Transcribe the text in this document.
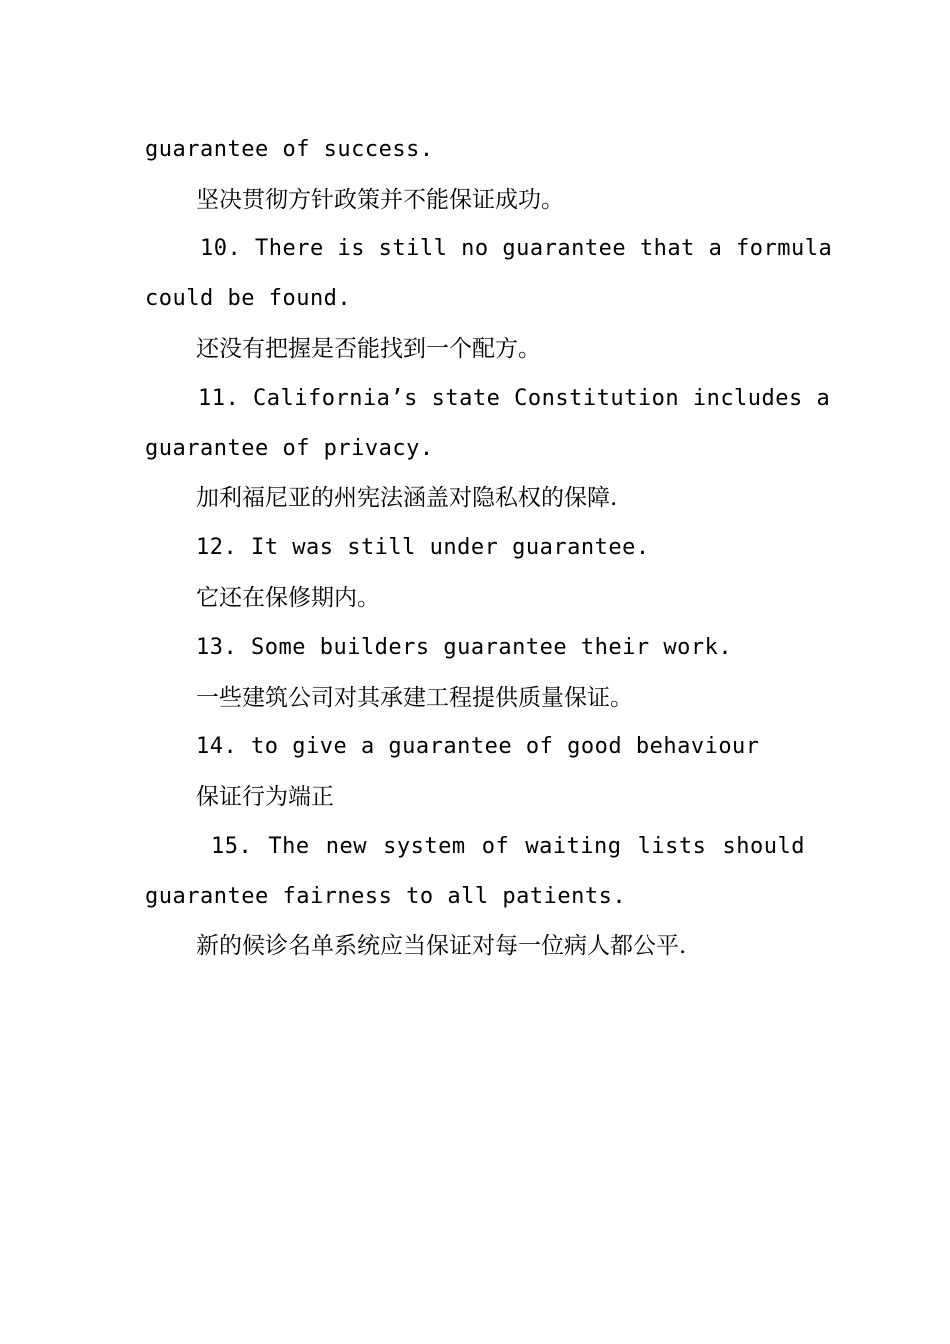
guarantee of success.
坚决贯彻方针政策并不能保证成功。
10. There is still no guarantee that a formula
could be found.
还没有把握是否能找到一个配方。
11. California’s state Constitution includes a
guarantee of privacy.
加利福尼亚的州宪法涵盖对隐私权的保障.
12. It was still under guarantee.
它还在保修期内。
13. Some builders guarantee their work.
一些建筑公司对其承建工程提供质量保证。
14. to give a guarantee of good behaviour
保证行为端正
15. The new system of waiting lists should
guarantee fairness to all patients.
新的候诊名单系统应当保证对每一位病人都公平.
